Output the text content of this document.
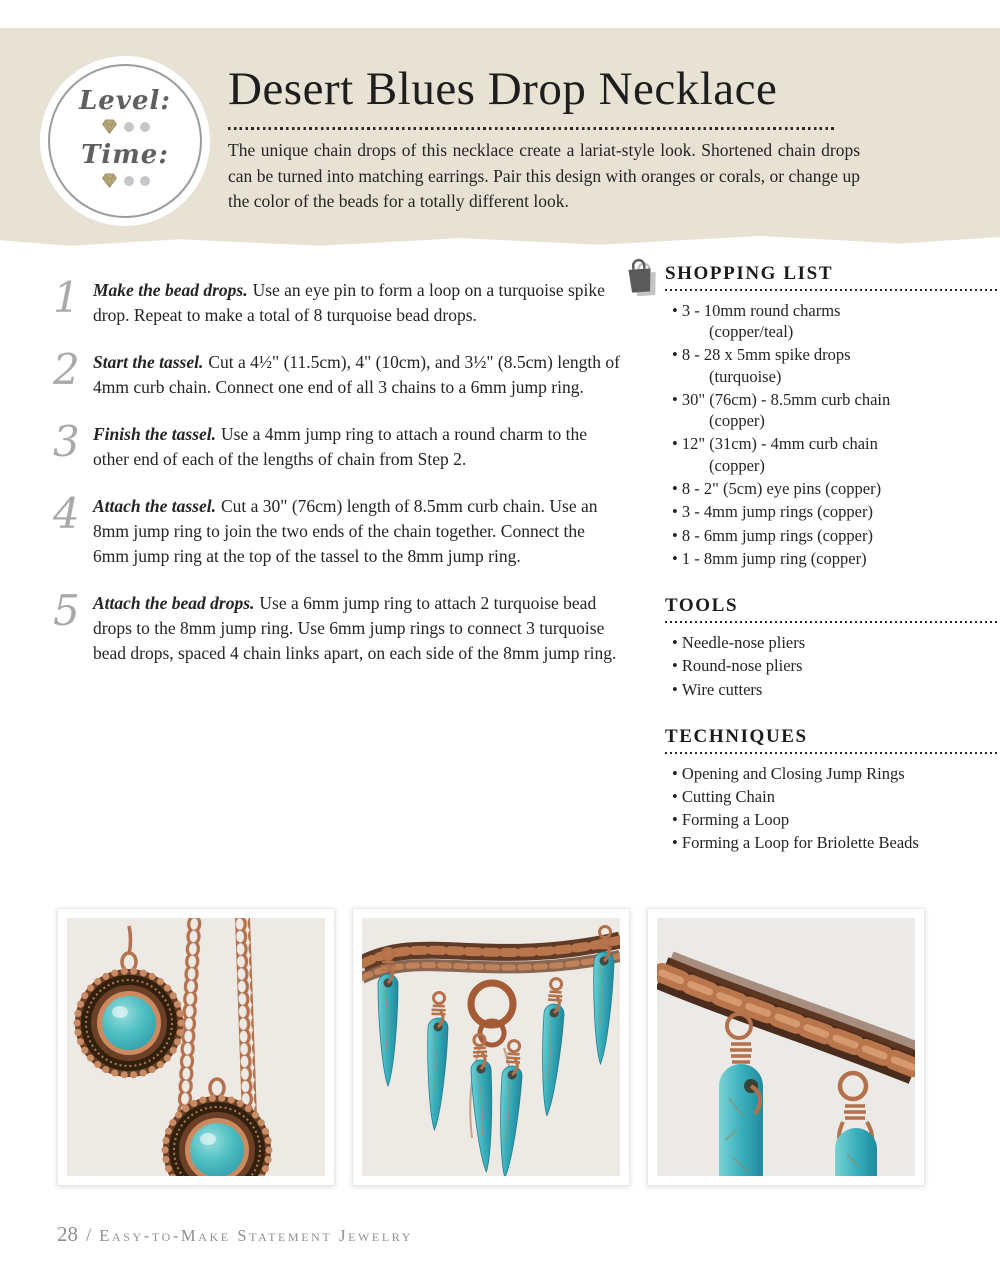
Level:
Time:
Desert Blues Drop Necklace

The unique chain drops of this necklace create a lariat-style look. Shortened chain drops can be turned into matching earrings. Pair this design with oranges or corals, or change up the color of the beads for a totally different look.

1 Make the bead drops. Use an eye pin to form a loop on a turquoise spike drop. Repeat to make a total of 8 turquoise bead drops.

2 Start the tassel. Cut a 4½" (11.5cm), 4" (10cm), and 3½" (8.5cm) length of 4mm curb chain. Connect one end of all 3 chains to a 6mm jump ring.

3 Finish the tassel. Use a 4mm jump ring to attach a round charm to the other end of each of the lengths of chain from Step 2.

4 Attach the tassel. Cut a 30" (76cm) length of 8.5mm curb chain. Use an 8mm jump ring to join the two ends of the chain together. Connect the 6mm jump ring at the top of the tassel to the 8mm jump ring.

5 Attach the bead drops. Use a 6mm jump ring to attach 2 turquoise bead drops to the 8mm jump ring. Use 6mm jump rings to connect 3 turquoise bead drops, spaced 4 chain links apart, on each side of the 8mm jump ring.

SHOPPING LIST
• 3 - 10mm round charms
(copper/teal)
• 8 - 28 x 5mm spike drops
(turquoise)
• 30" (76cm) - 8.5mm curb chain
(copper)
• 12" (31cm) - 4mm curb chain
(copper)
• 8 - 2" (5cm) eye pins (copper)
• 3 - 4mm jump rings (copper)
• 8 - 6mm jump rings (copper)
• 1 - 8mm jump ring (copper)
TOOLS
• Needle-nose pliers
• Round-nose pliers
• Wire cutters
TECHNIQUES
• Opening and Closing Jump Rings
• Cutting Chain
• Forming a Loop
• Forming a Loop for Briolette Beads
28 / Easy-to-Make Statement Jewelry
